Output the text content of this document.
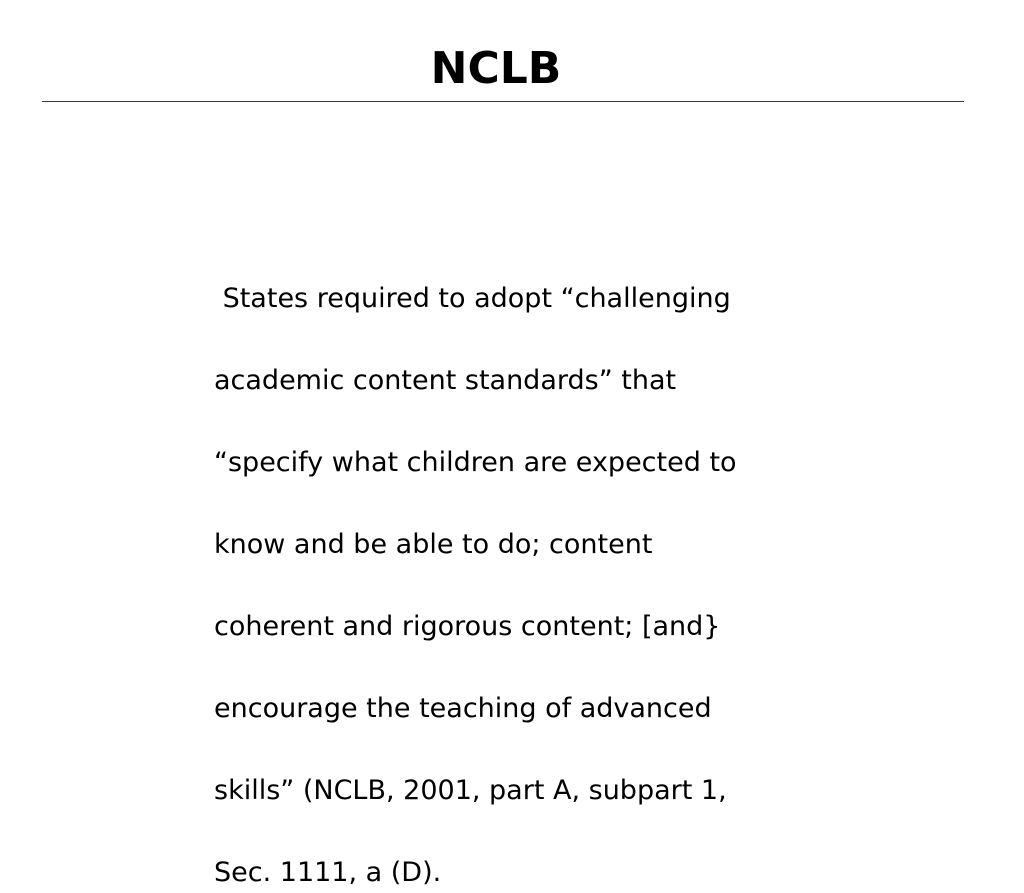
NCLB

States required to adopt “challenging

academic content standards” that

“specify what children are expected to

know and be able to do; content

coherent and rigorous content; [and}

encourage the teaching of advanced

skills” (NCLB, 2001, part A, subpart 1,

Sec. 1111, a (D).
